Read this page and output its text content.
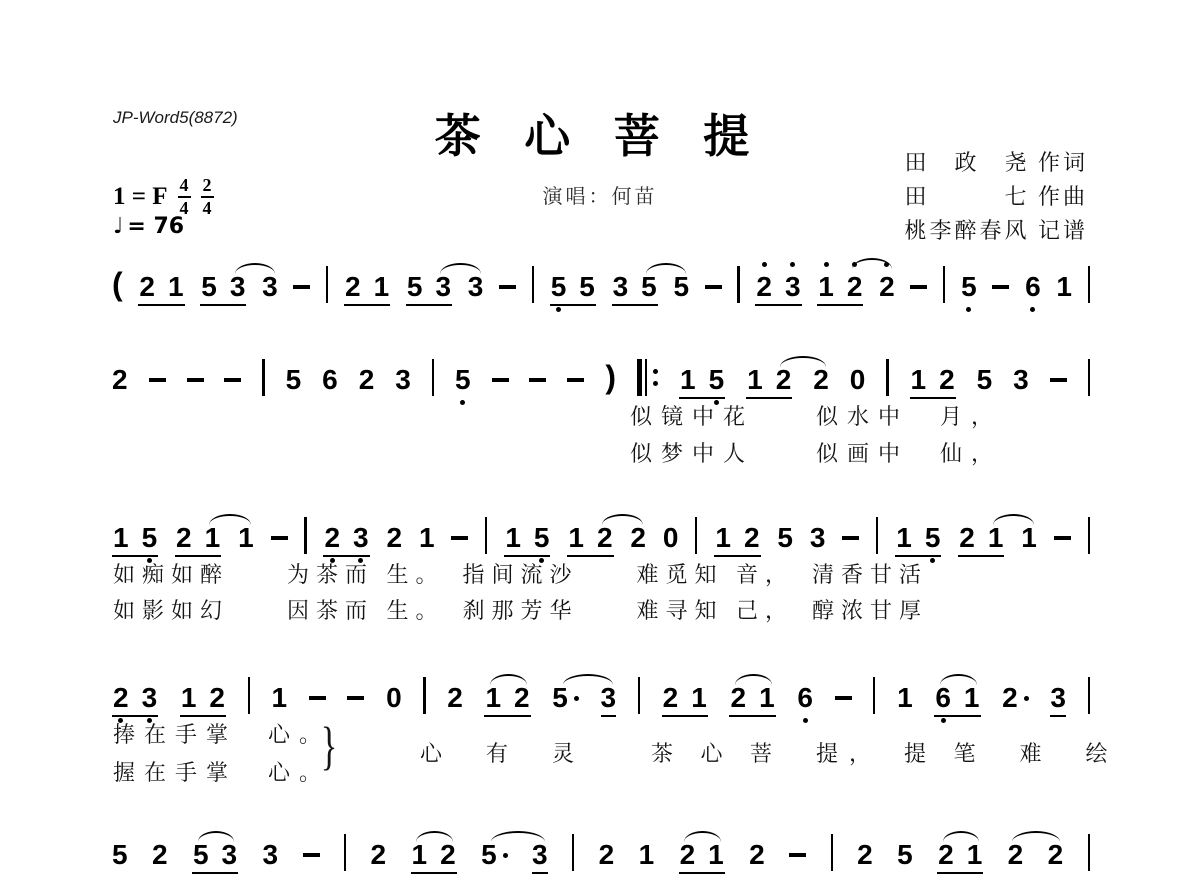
JP-Word5(8872)	茶 心 菩 提
演唱：何苗
田　政　尧 作词
田　　　七 作曲
桃李醉春风 记谱
1 = F $\frac{4}{4} \frac{2}{4}$
♩ = 76
( 2 1 5 3 3 2 1 5 3 3 5 5 3 5 5 2 3 1 2 2 5 6 1
2	5 6 2 3 5	) 1 5 1 2 2 0 1 2 5 3
似镜中花　　似水中　月，
似梦中人　　似画中　仙，
1 5 2 1 1	2 3 2 1	1 5 1 2 2 0 1 2 5 3	1 5 2 1 1
如痴如醉　　为茶而 生。　指间流沙　　难觅知 音，　清香甘活
如影如幻　　因茶而 生。　刹那芳华　　难寻知 己，　醇浓甘厚
2 3 1 2 1	0 2 1 2 5 3 2 1 2 1 6	1 6 1 2 3
捧在手掌　心。
握在手掌　心。
}	心　有　灵　　茶 心 菩　提，　提 笔　难　绘
5 2 5 3 3	2 1 2 5 3 2 1 2 1 2	2 5 2 1 2 2
